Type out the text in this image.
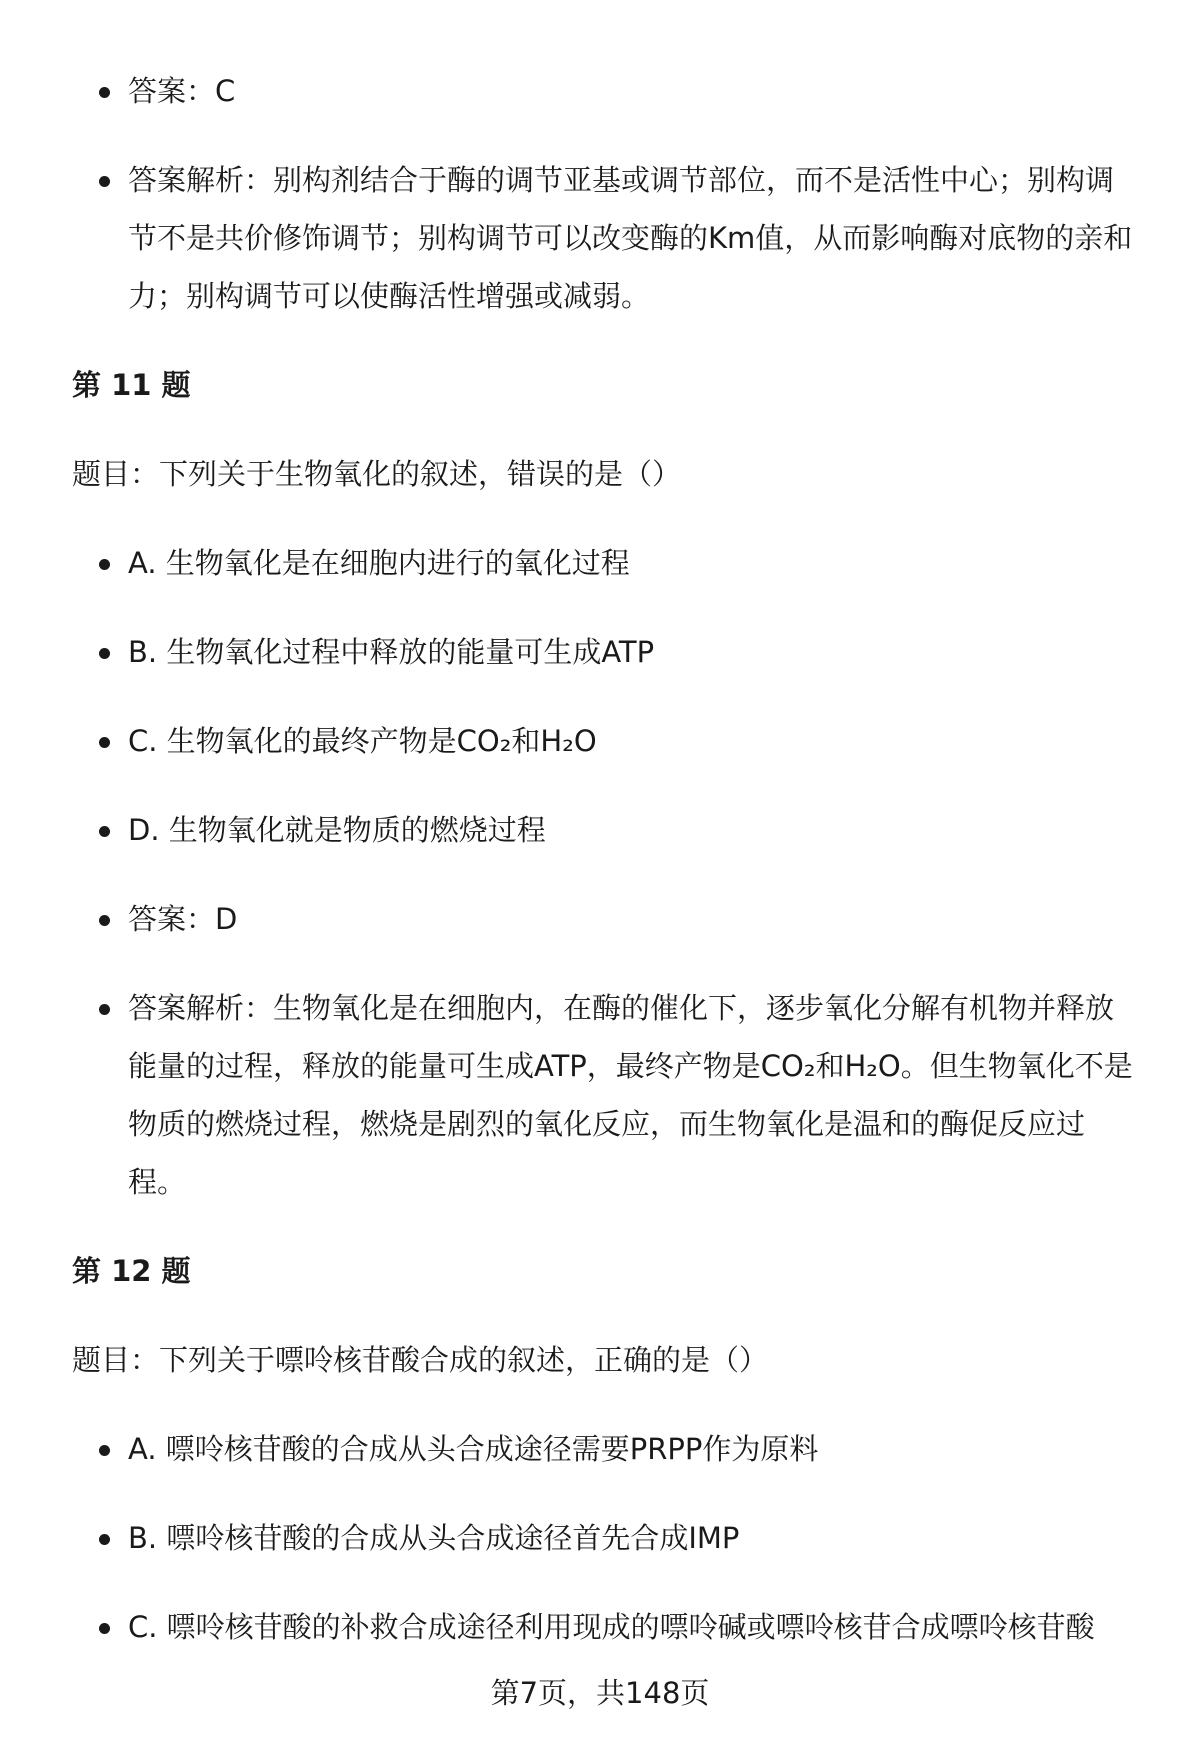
答案：C
答案解析：别构剂结合于酶的调节亚基或调节部位，而不是活性中心；别构调节不是共价修饰调节；别构调节可以改变酶的Km值，从而影响酶对底物的亲和力；别构调节可以使酶活性增强或减弱。
第 11 题
题目：下列关于生物氧化的叙述，错误的是（）
A. 生物氧化是在细胞内进行的氧化过程
B. 生物氧化过程中释放的能量可生成ATP
C. 生物氧化的最终产物是CO₂和H₂O
D. 生物氧化就是物质的燃烧过程
答案：D
答案解析：生物氧化是在细胞内，在酶的催化下，逐步氧化分解有机物并释放能量的过程，释放的能量可生成ATP，最终产物是CO₂和H₂O。但生物氧化不是物质的燃烧过程，燃烧是剧烈的氧化反应，而生物氧化是温和的酶促反应过程。
第 12 题
题目：下列关于嘌呤核苷酸合成的叙述，正确的是（）
A. 嘌呤核苷酸的合成从头合成途径需要PRPP作为原料
B. 嘌呤核苷酸的合成从头合成途径首先合成IMP
C. 嘌呤核苷酸的补救合成途径利用现成的嘌呤碱或嘌呤核苷合成嘌呤核苷酸
第7页，共148页
